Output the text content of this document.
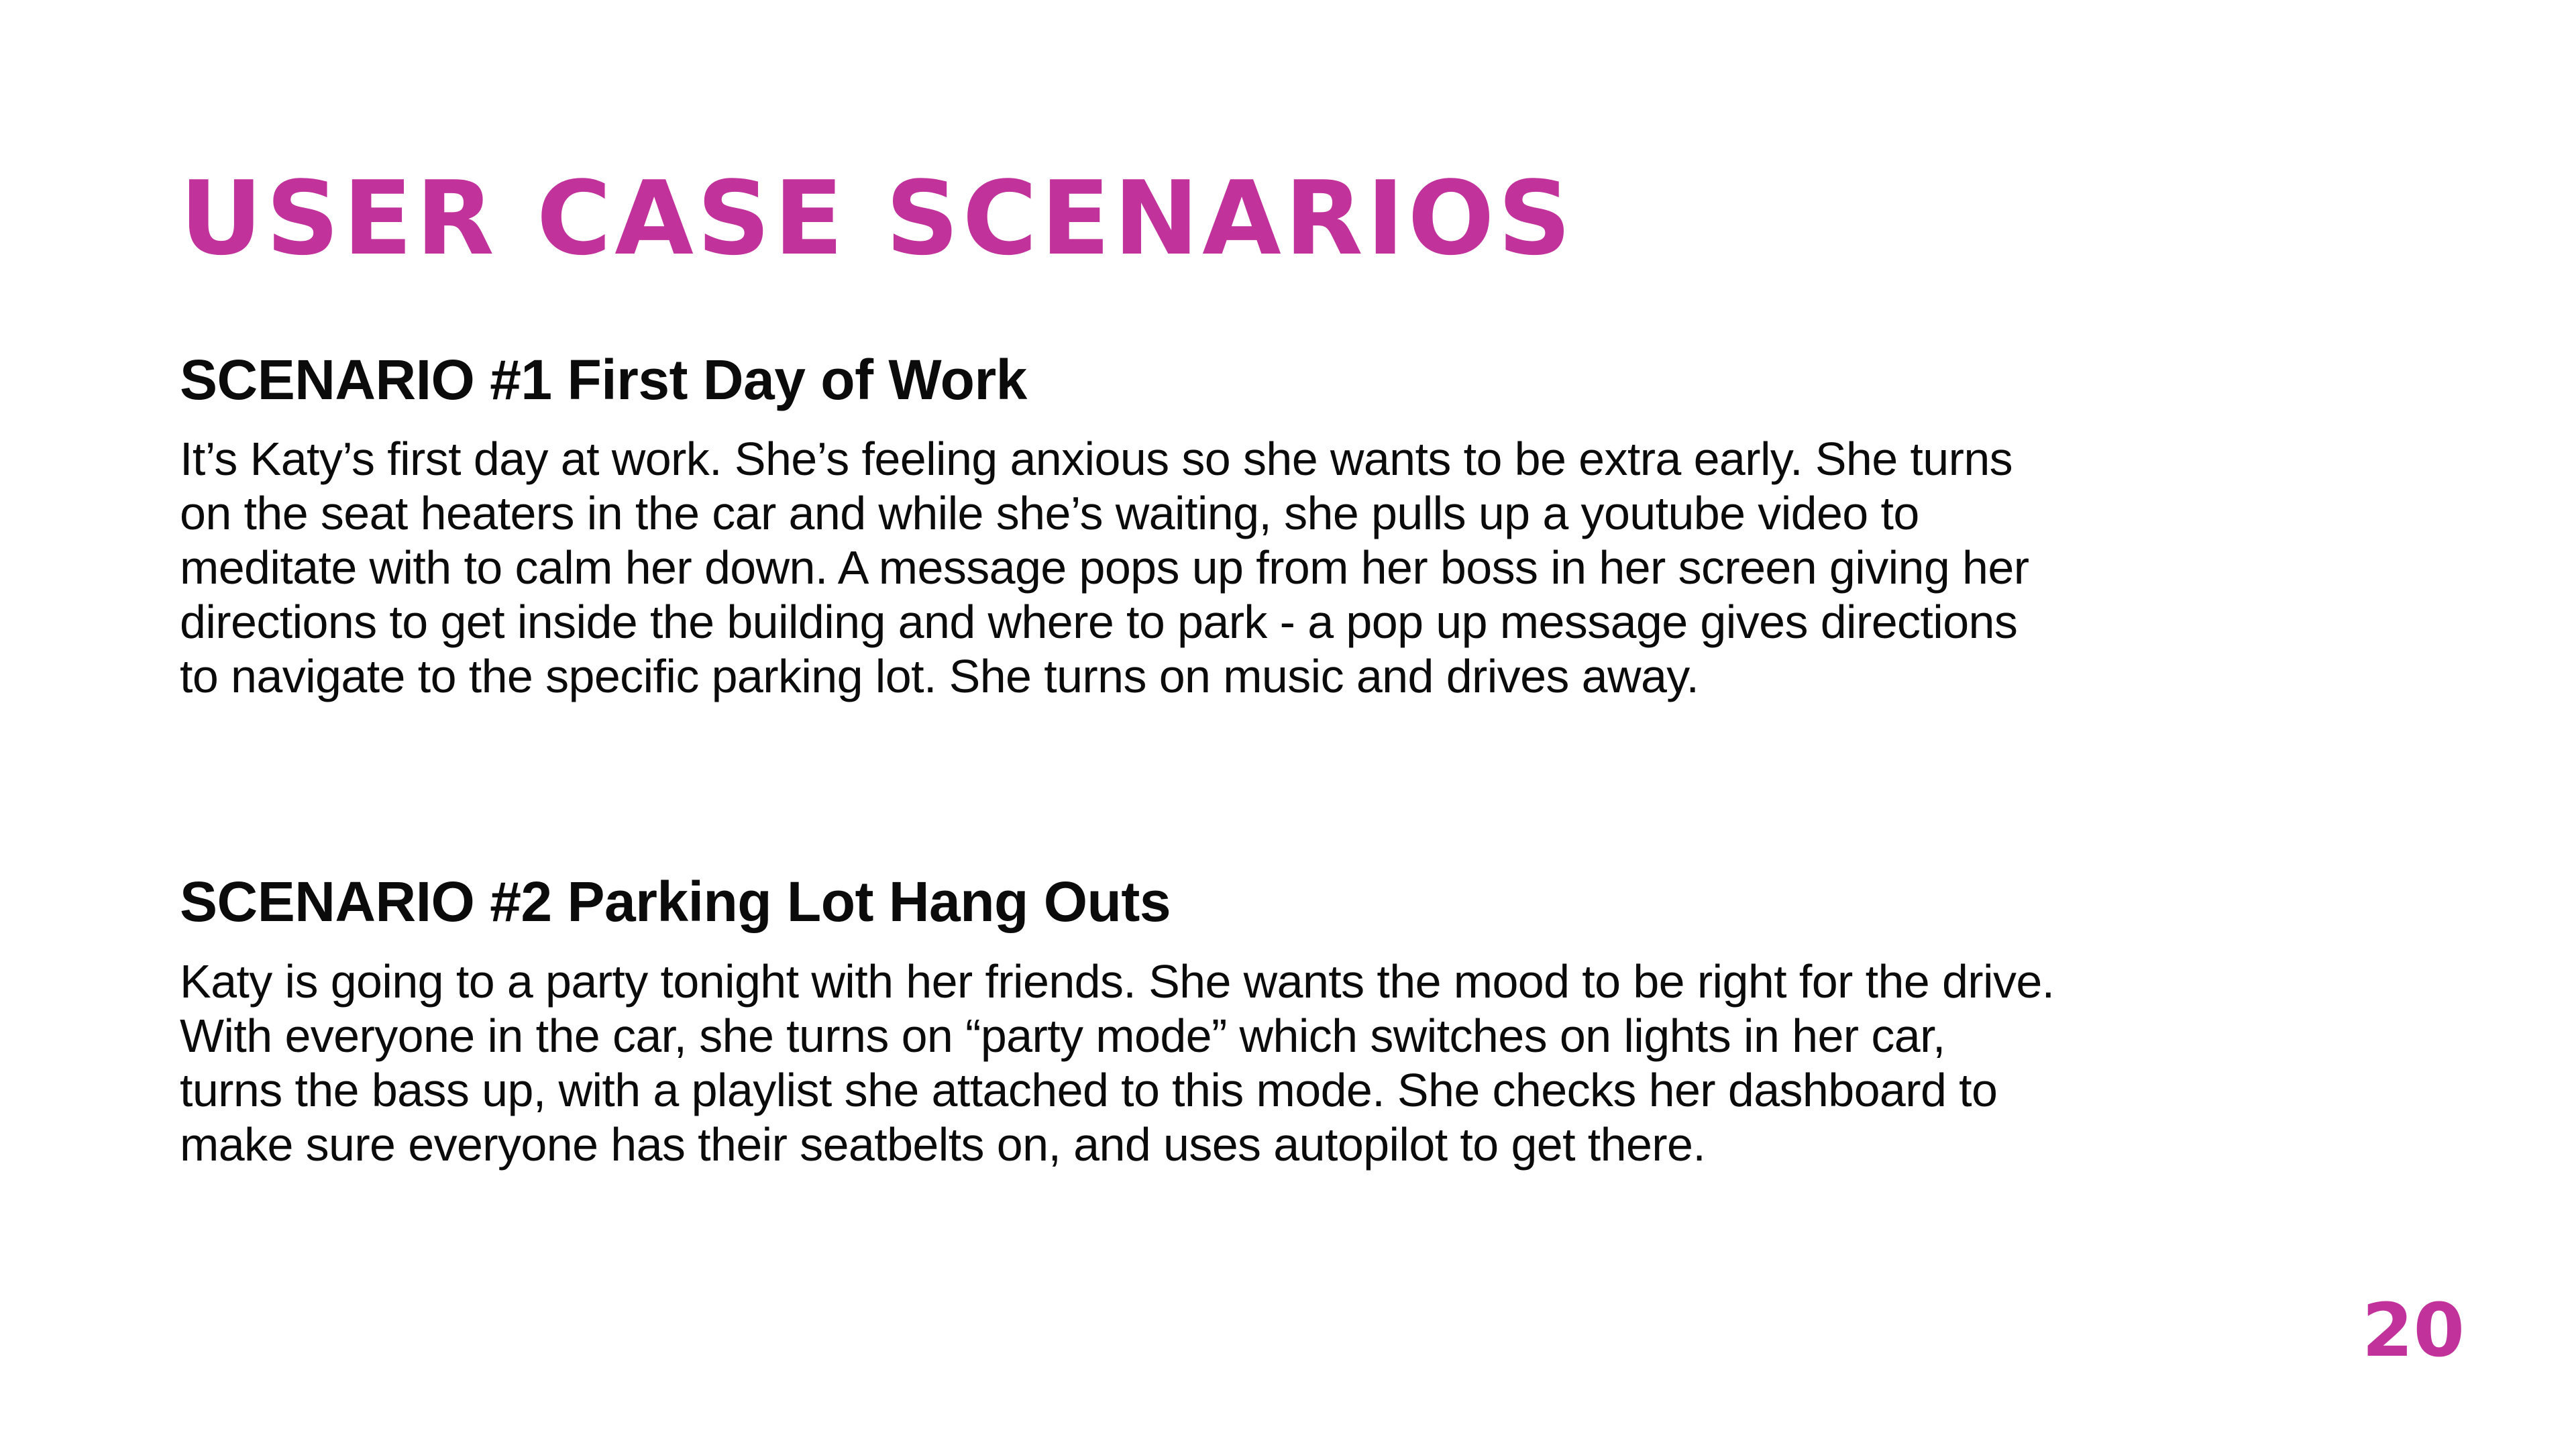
USER CASE SCENARIOS
SCENARIO #1 First Day of Work

It’s Katy’s first day at work. She’s feeling anxious so she wants to be extra early. She turns
on the seat heaters in the car and while she’s waiting, she pulls up a youtube video to
meditate with to calm her down. A message pops up from her boss in her screen giving her
directions to get inside the building and where to park - a pop up message gives directions
to navigate to the specific parking lot. She turns on music and drives away.

SCENARIO #2 Parking Lot Hang Outs

Katy is going to a party tonight with her friends. She wants the mood to be right for the drive.
With everyone in the car, she turns on “party mode” which switches on lights in her car,
turns the bass up, with a playlist she attached to this mode. She checks her dashboard to
make sure everyone has their seatbelts on, and uses autopilot to get there.

20
